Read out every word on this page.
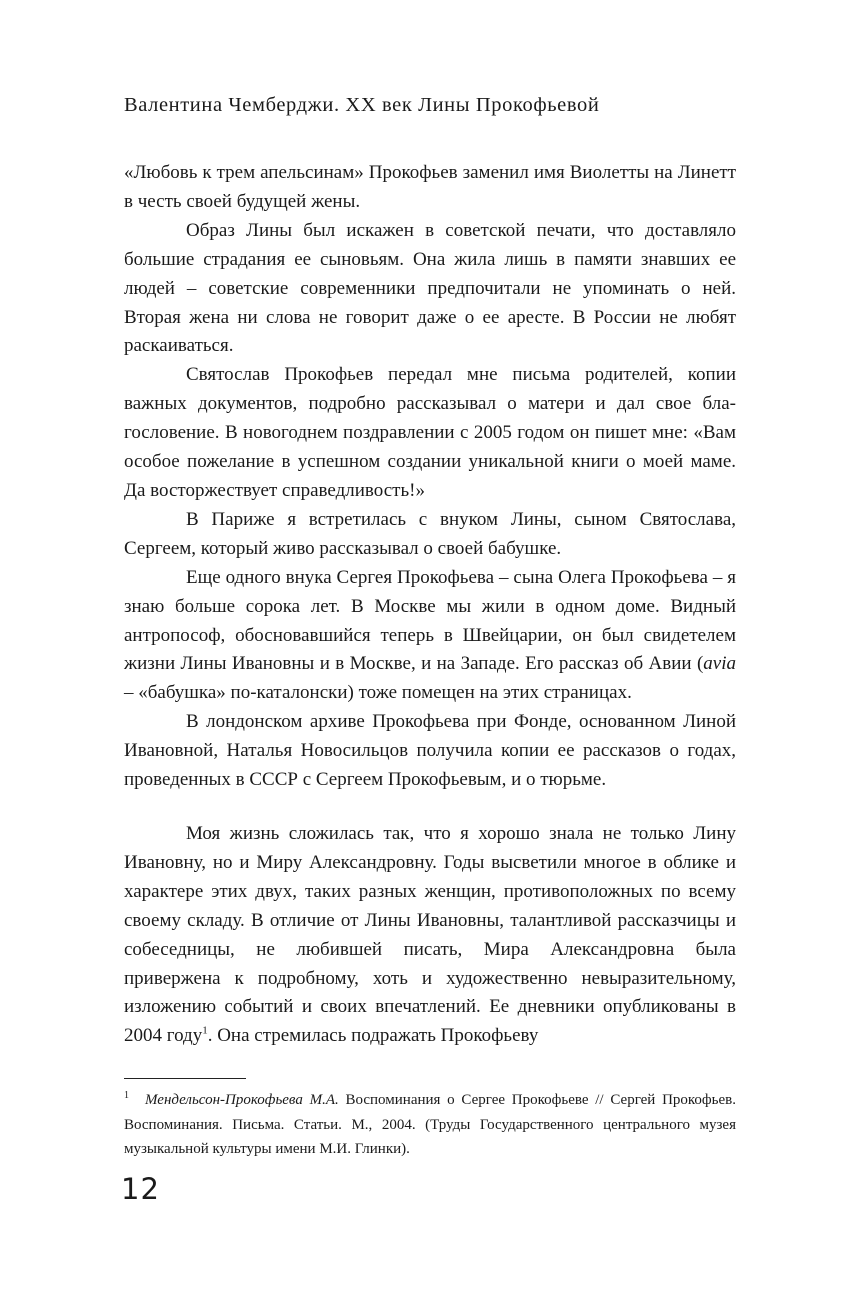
Валентина Чемберджи. XX век Лины Прокофьевой

«Любовь к трем апельсинам» Прокофьев заменил имя Виолетты на Линетт в честь своей будущей жены.

Образ Лины был искажен в советской печати, что доставляло большие страдания ее сыновьям. Она жила лишь в памяти знавших ее людей – советские современники предпочитали не упоминать о ней. Вторая жена ни слова не говорит даже о ее аресте. В России не любят раскаиваться.

Святослав Прокофьев передал мне письма родителей, копии важных документов, подробно рассказывал о матери и дал свое благословение. В новогоднем поздравлении с 2005 годом он пишет мне: «Вам особое пожелание в успешном создании уникальной книги о моей маме. Да восторжествует справедливость!»

В Париже я встретилась с внуком Лины, сыном Святослава, Сергеем, который живо рассказывал о своей бабушке.

Еще одного внука Сергея Прокофьева – сына Олега Прокофьева – я знаю больше сорока лет. В Москве мы жили в одном доме. Видный антропософ, обосновавшийся теперь в Швейцарии, он был свидетелем жизни Лины Ивановны и в Москве, и на Западе. Его рассказ об Авии (avia – «бабушка» по-каталонски) тоже помещен на этих страницах.

В лондонском архиве Прокофьева при Фонде, основанном Линой Ивановной, Наталья Новосильцов получила копии ее рассказов о годах, проведенных в СССР с Сергеем Прокофьевым, и о тюрьме.

Моя жизнь сложилась так, что я хорошо знала не только Лину Ивановну, но и Миру Александровну. Годы высветили многое в облике и характере этих двух, таких разных женщин, противоположных по всему своему складу. В отличие от Лины Ивановны, талантливой рассказчицы и собеседницы, не любившей писать, Мира Александровна была привержена к подробному, хоть и художественно невыразительному, изложению событий и своих впечатлений. Ее дневники опубликованы в 2004 году$^1$. Она стремилась подражать Прокофьеву

1 Мендельсон-Прокофьева М.А. Воспоминания о Сергее Прокофьеве // Сергей Прокофьев. Воспоминания. Письма. Статьи. М., 2004. (Труды Государственного центрального музея музыкальной культуры имени М.И. Глинки).
12
